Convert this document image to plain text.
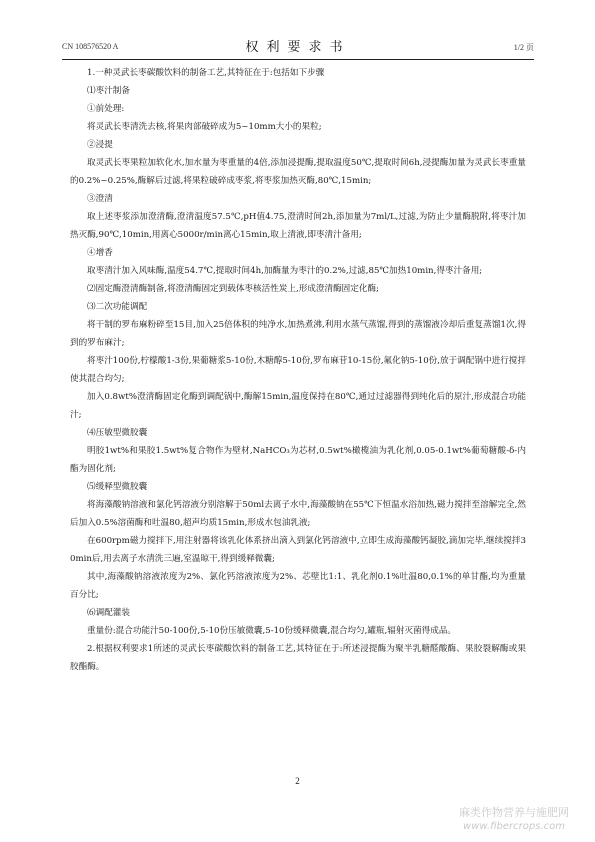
CN 108576520 A	权利要求书	1/2 页

1.一种灵武长枣碳酸饮料的制备工艺,其特征在于:包括如下步骤

⑴枣汁制备

①前处理:

将灵武长枣清洗去核,将果肉部破碎成为5~10mm大小的果粒;

②浸提

取灵武长枣果粒加软化水,加水量为枣重量的4倍,添加浸提酶,提取温度50℃,提取时间6h,浸提酶加量为灵武长枣重量的0.2%~0.25%,酶解后过滤,将果粒破碎成枣浆,将枣浆加热灭酶,80℃,15min;

③澄清

取上述枣浆添加澄清酶,澄清温度57.5℃,pH值4.75,澄清时间2h,添加量为7ml/L,过滤,为防止少量酶脱附,将枣汁加热灭酶,90℃,10min,用离心5000r/min离心15min,取上清液,即枣清汁备用;

④增香

取枣清汁加入风味酶,温度54.7℃,提取时间4h,加酶量为枣汁的0.2%,过滤,85℃加热10min,得枣汁备用;

⑵固定酶澄清酶制备,将澄清酶固定到载体枣核活性炭上,形成澄清酶固定化酶;

⑶二次功能调配

将干制的罗布麻粉碎至15目,加入25倍体积的纯净水,加热煮沸,利用水蒸气蒸馏,得到的蒸馏液冷却后重复蒸馏1次,得到的罗布麻汁;

将枣汁100份,柠檬酸1-3份,果葡糖浆5-10份,木糖醇5-10份,罗布麻苷10-15份,氟化钠5-10份,放于调配锅中进行搅拌使其混合均匀;

加入0.8wt%澄清酶固定化酶到调配锅中,酶解15min,温度保持在80℃,通过过滤器得到纯化后的原汁,形成混合功能汁;

⑷压敏型微胶囊

明胶1wt%和果胶1.5wt%复合物作为壁材,NaHCO₃为芯材,0.5wt%橄榄油为乳化剂,0.05-0.1wt%葡萄糖酸-δ-内酯为固化剂;

⑸缓释型微胶囊

将海藻酸钠溶液和氯化钙溶液分别溶解于50ml去离子水中,海藻酸钠在55℃下恒温水浴加热,磁力搅拌至溶解完全,然后加入0.5%溶菌酶和吐温80,超声均质15min,形成水包油乳液;

在600rpm磁力搅拌下,用注射器将该乳化体系挤出滴入到氯化钙溶液中,立即生成海藻酸钙凝胶,滴加完毕,继续搅拌30min后,用去离子水清洗三遍,室温晾干,得到缓释微囊;

其中,海藻酸钠溶液浓度为2%、氯化钙溶液浓度为2%、芯壁比1:1、乳化剂0.1%吐温80,0.1%的单甘酯,均为重量百分比;

⑹调配灌装

重量份:混合功能汁50-100份,5-10份压敏微囊,5-10份缓释微囊,混合均匀,罐瓶,辐射灭菌得成品。

2.根据权利要求1所述的灵武长枣碳酸饮料的制备工艺,其特征在于:所述浸提酶为聚半乳糖醛酸酶、果胶裂解酶或果胶酯酶。

2
麻类作物营养与施肥网
www.fibercrops.com
